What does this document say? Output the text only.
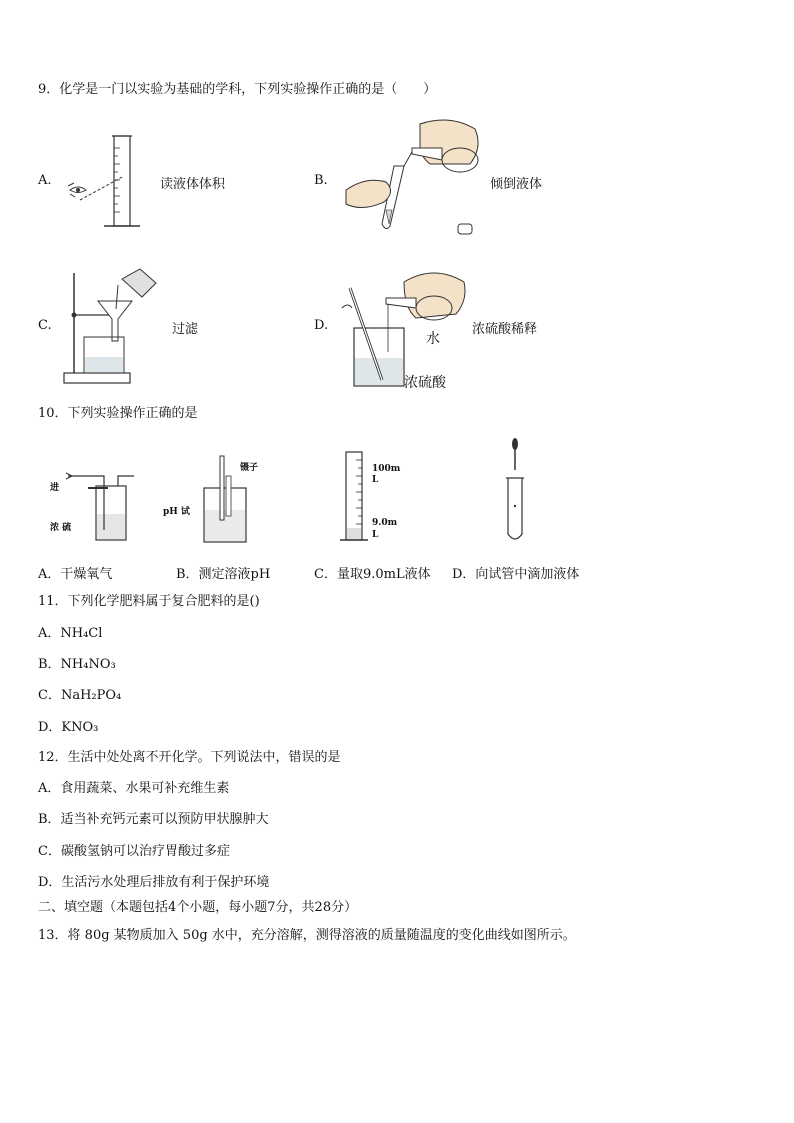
9．化学是一门以实验为基础的学科，下列实验操作正确的是（　　）
A.	读液体体积	B.	倾倒液体
C.	过滤
水
浓硫酸
D.	浓硫酸稀释
10．下列实验操作正确的是
进
浓 硫
镊子
pH 试
100m
L
9.0m
L
A．干燥氧气	B．测定溶液pH	C．量取9.0mL液体 D．向试管中滴加液体
11．下列化学肥料属于复合肥料的是()
A．NH₄Cl
B．NH₄NO₃
C．NaH₂PO₄
D．KNO₃
12．生活中处处离不开化学。下列说法中，错误的是
A．食用蔬菜、水果可补充维生素
B．适当补充钙元素可以预防甲状腺肿大
C．碳酸氢钠可以治疗胃酸过多症
D．生活污水处理后排放有利于保护环境
二、填空题（本题包括4个小题，每小题7分，共28分）
13．将 80g 某物质加入 50g 水中，充分溶解，测得溶液的质量随温度的变化曲线如图所示。
